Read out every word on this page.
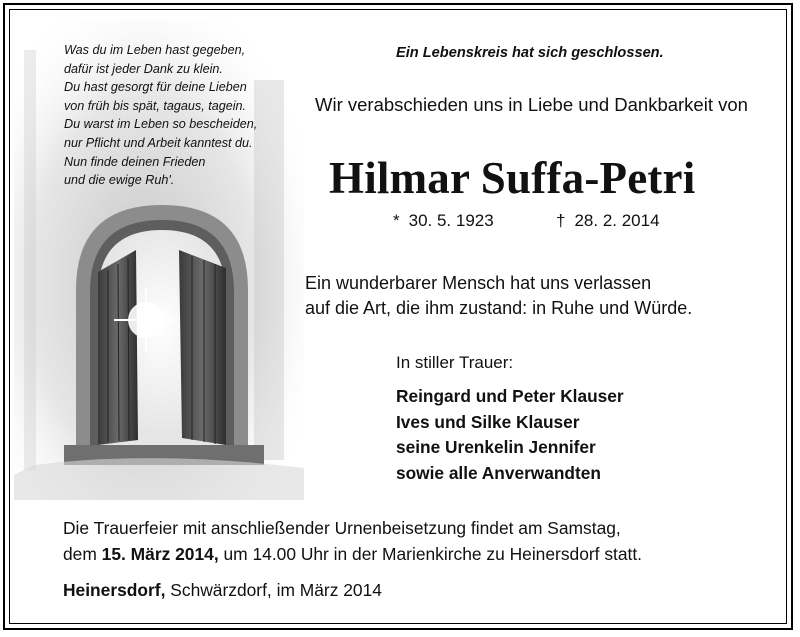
Was du im Leben hast gegeben,
dafür ist jeder Dank zu klein.
Du hast gesorgt für deine Lieben
von früh bis spät, tagaus, tagein.
Du warst im Leben so bescheiden,
nur Pflicht und Arbeit kanntest du.
Nun finde deinen Frieden
und die ewige Ruh'.
Ein Lebenskreis hat sich geschlossen.
Wir verabschieden uns in Liebe und Dankbarkeit von
Hilmar Suffa-Petri
* 30. 5. 1923	† 28. 2. 2014
Ein wunderbarer Mensch hat uns verlassen
auf die Art, die ihm zustand: in Ruhe und Würde.
In stiller Trauer:
Reingard und Peter Klauser
Ives und Silke Klauser
seine Urenkelin Jennifer
sowie alle Anverwandten
Die Trauerfeier mit anschließender Urnenbeisetzung findet am Samstag,
dem 15. März 2014, um 14.00 Uhr in der Marienkirche zu Heinersdorf statt.
Heinersdorf, Schwärzdorf, im März 2014
